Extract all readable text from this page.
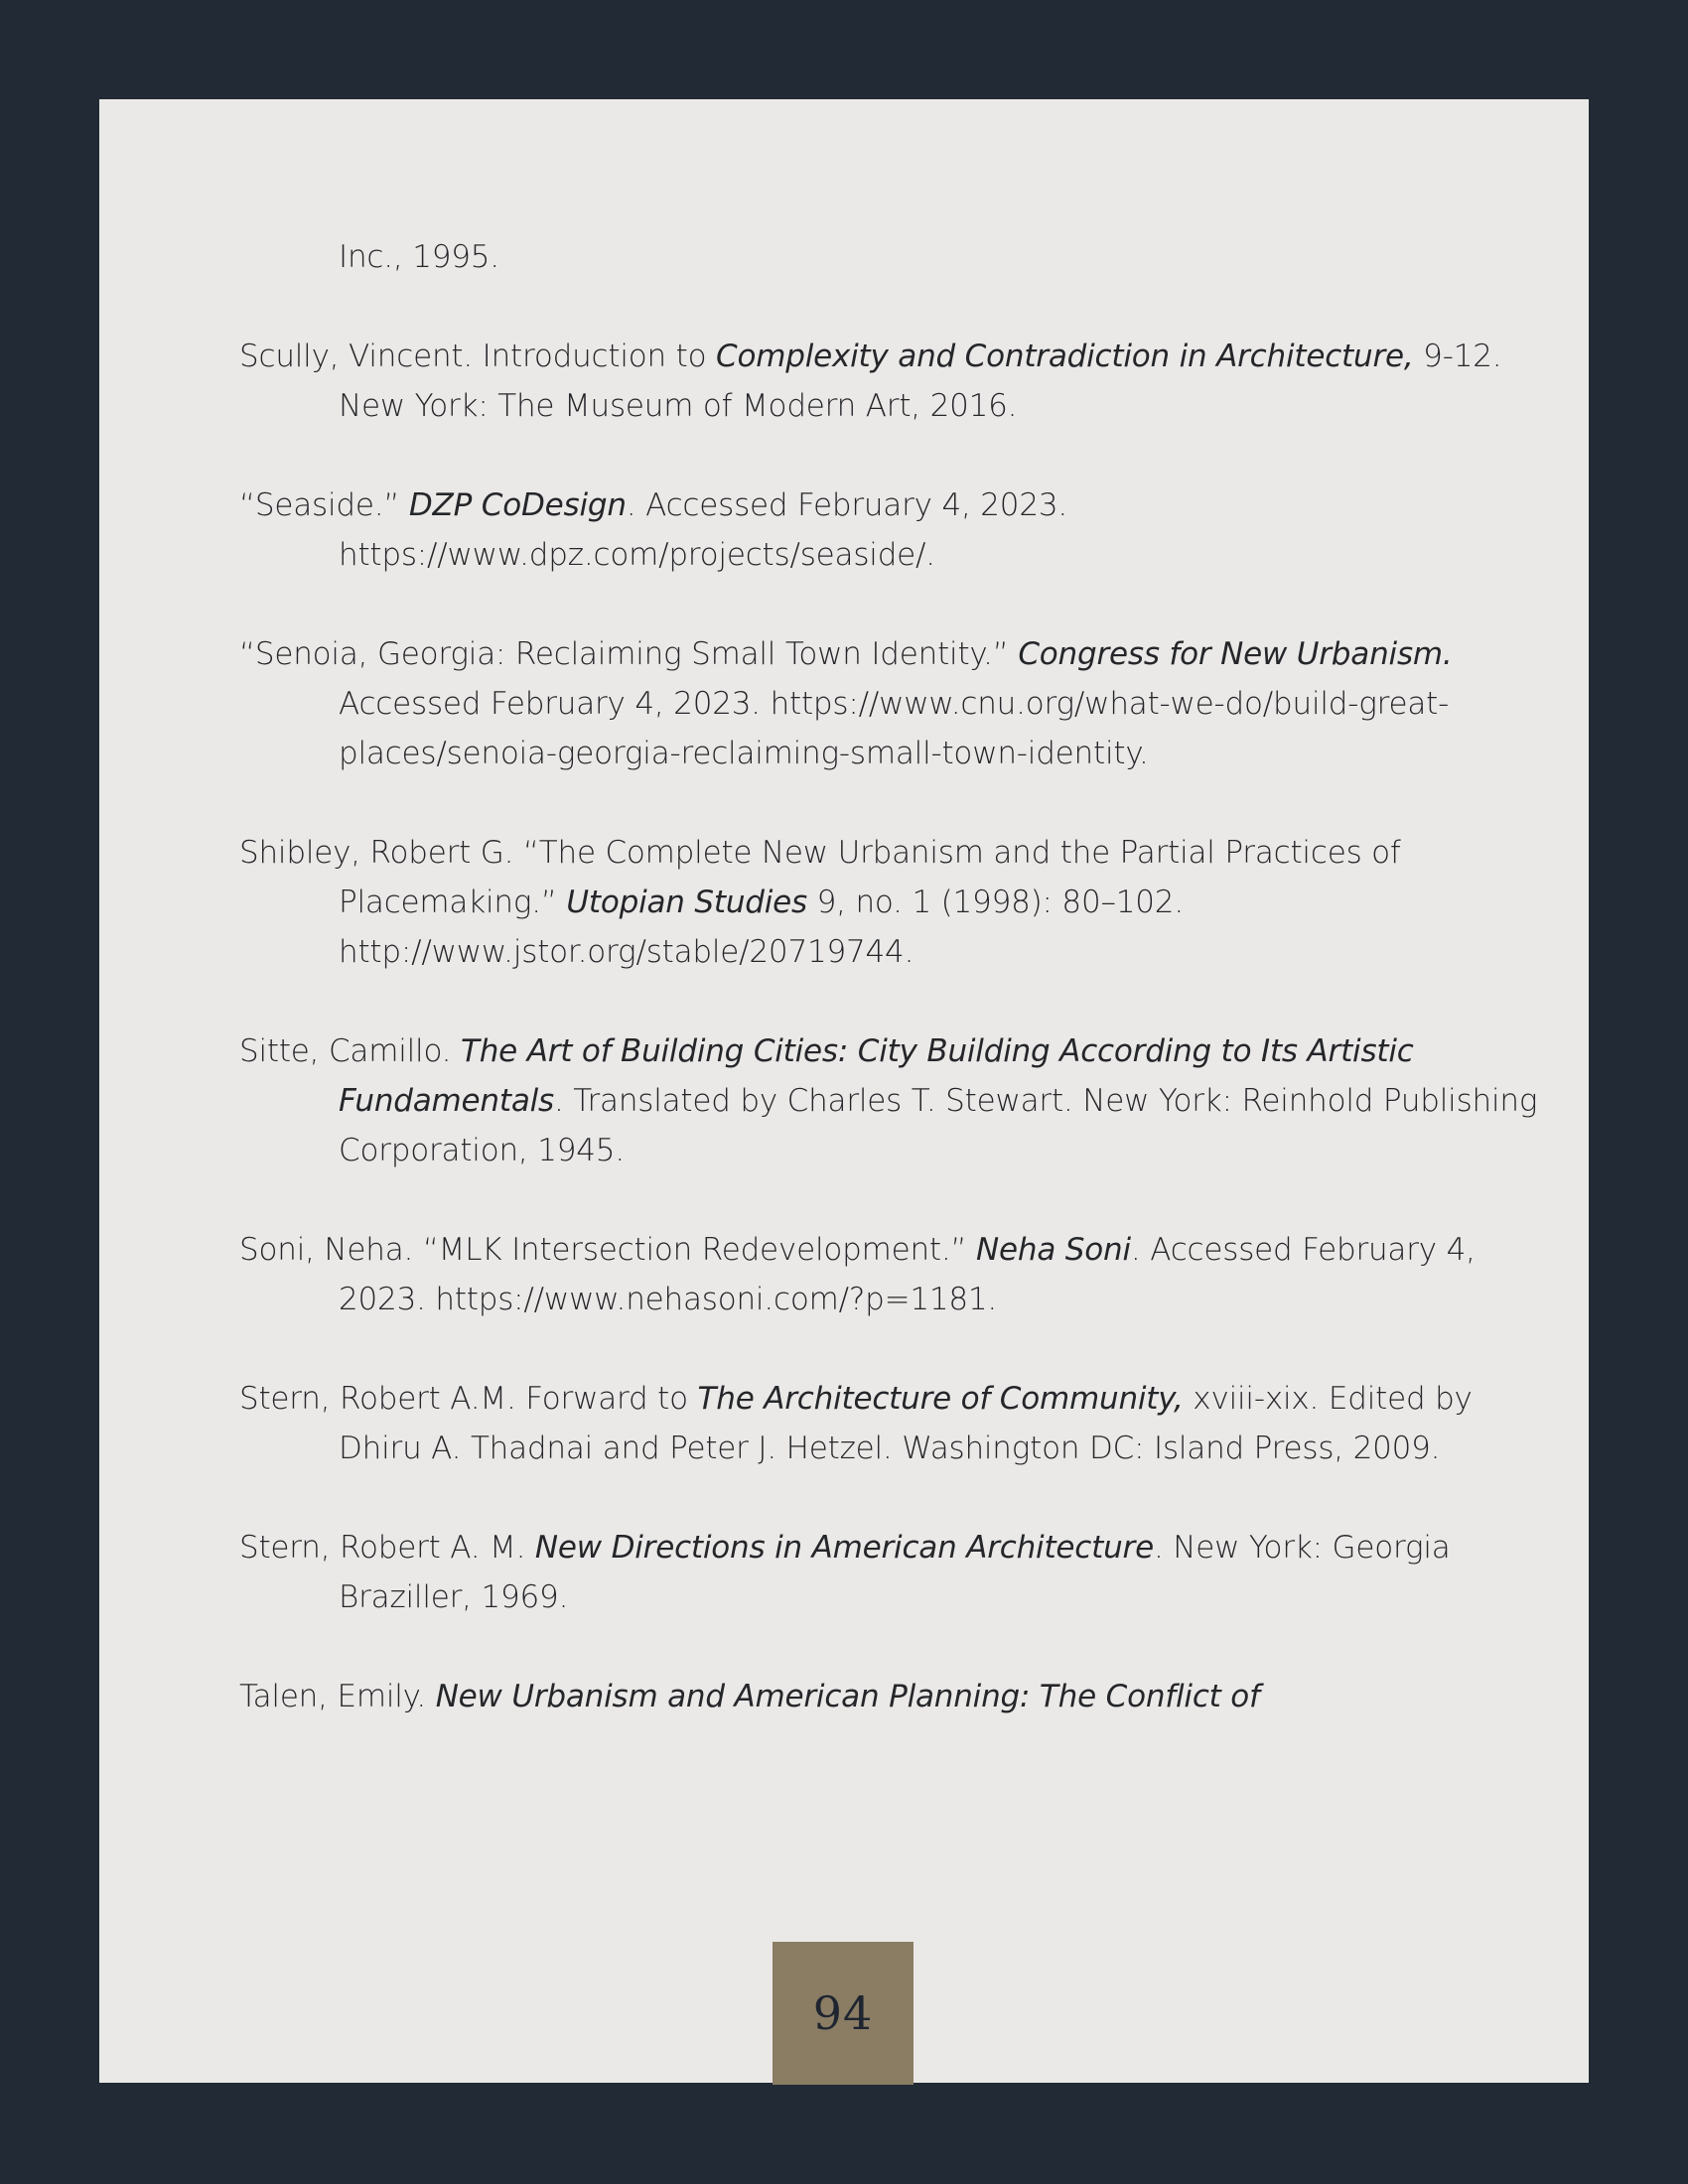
Inc., 1995.

Scully, Vincent. Introduction to Complexity and Contradiction in Architecture, 9-12. New York: The Museum of Modern Art, 2016.

“Seaside.” DZP CoDesign. Accessed February 4, 2023. https://www.dpz.com/projects/seaside/.

“Senoia, Georgia: Reclaiming Small Town Identity.” Congress for New Urbanism. Accessed February 4, 2023. https://www.cnu.org/what-we-do/build-great-places/senoia-georgia-reclaiming-small-town-identity.

Shibley, Robert G. “The Complete New Urbanism and the Partial Practices of Placemaking.” Utopian Studies 9, no. 1 (1998): 80–102. http://www.jstor.org/stable/20719744.

Sitte, Camillo. The Art of Building Cities: City Building According to Its Artistic Fundamentals. Translated by Charles T. Stewart. New York: Reinhold Publishing Corporation, 1945.

Soni, Neha. “MLK Intersection Redevelopment.” Neha Soni. Accessed February 4, 2023. https://www.nehasoni.com/?p=1181.

Stern, Robert A.M. Forward to The Architecture of Community, xviii-xix. Edited by Dhiru A. Thadnai and Peter J. Hetzel. Washington DC: Island Press, 2009.

Stern, Robert A. M. New Directions in American Architecture. New York: Georgia Braziller, 1969.

Talen, Emily. New Urbanism and American Planning: The Conflict of

94
